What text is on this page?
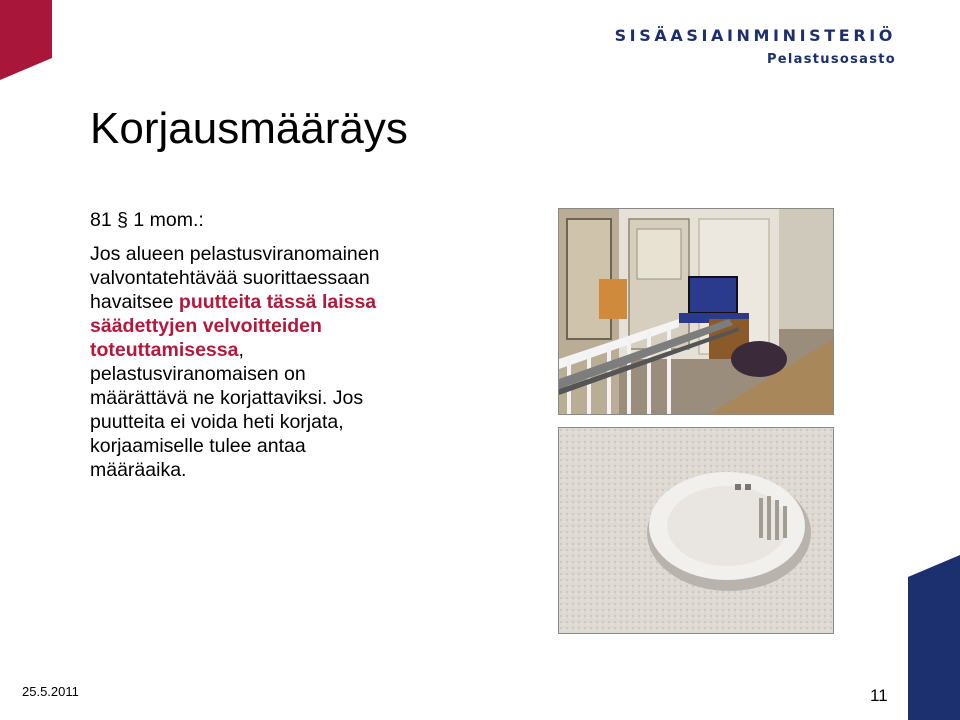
SISÄASIAINMINISTERIÖ
Pelastusosasto
Korjausmääräys

81 § 1 mom.:

Jos alueen pelastusviranomainen
valvontatehtävää suorittaessaan
havaitsee puutteita tässä laissa
säädettyjen velvoitteiden
toteuttamisessa,
pelastusviranomaisen on
määrättävä ne korjattaviksi. Jos
puutteita ei voida heti korjata,
korjaamiselle tulee antaa
määräaika.
25.5.2011	11
